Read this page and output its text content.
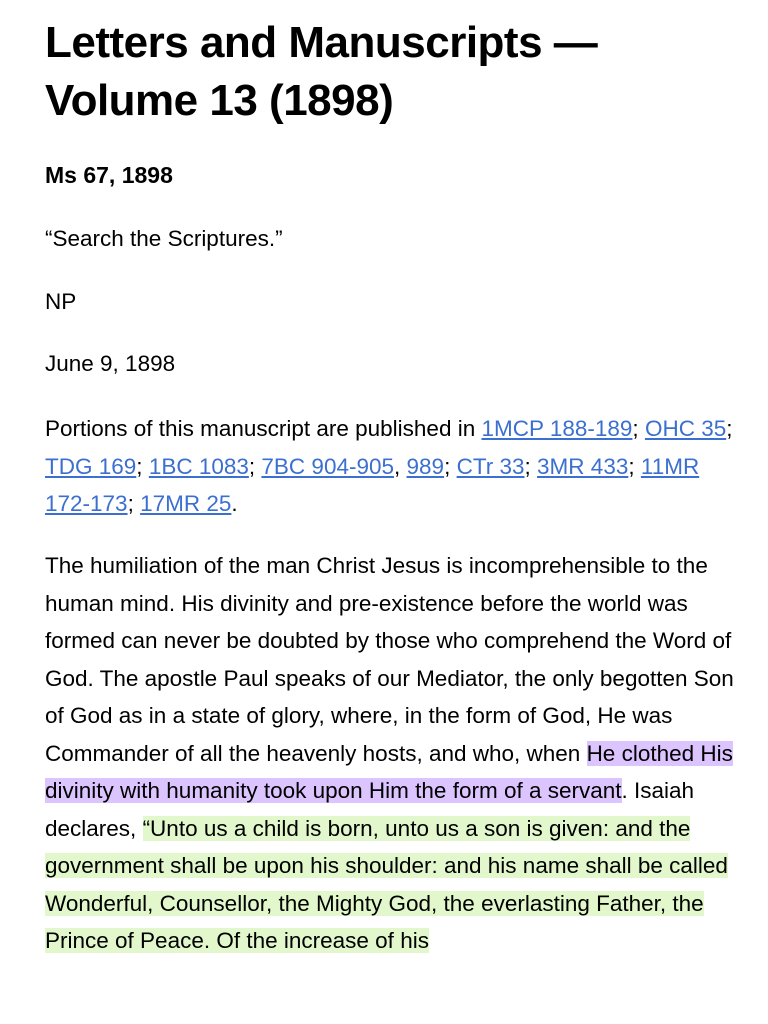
Letters and Manuscripts — Volume 13 (1898)

Ms 67, 1898

“Search the Scriptures.”

NP

June 9, 1898

Portions of this manuscript are published in 1MCP 188-189; OHC 35; TDG 169; 1BC 1083; 7BC 904-905, 989; CTr 33; 3MR 433; 11MR 172-173; 17MR 25.

The humiliation of the man Christ Jesus is incomprehensible to the human mind. His divinity and pre-existence before the world was formed can never be doubted by those who comprehend the Word of God. The apostle Paul speaks of our Mediator, the only begotten Son of God as in a state of glory, where, in the form of God, He was Commander of all the heavenly hosts, and who, when He clothed His divinity with humanity took upon Him the form of a servant. Isaiah declares, “Unto us a child is born, unto us a son is given: and the government shall be upon his shoulder: and his name shall be called Wonderful, Counsellor, the Mighty God, the everlasting Father, the Prince of Peace. Of the increase of his
